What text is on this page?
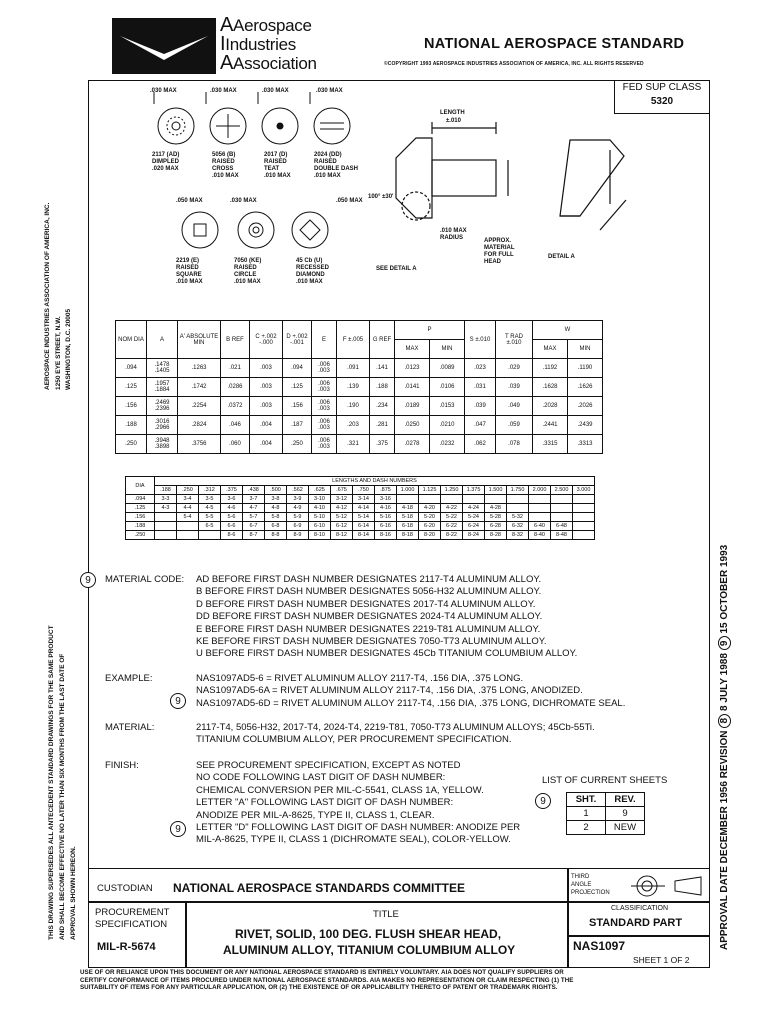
AAerospace
IIndustries
AAssociation
NATIONAL AEROSPACE STANDARD
©COPYRIGHT 1993 AEROSPACE INDUSTRIES ASSOCIATION OF AMERICA, INC. ALL RIGHTS RESERVED
FED SUP CLASS
5320
AEROSPACE INDUSTRIES ASSOCIATION OF AMERICA, INC. 1250 EYE STREET, N.W. WASHINGTON, D.C. 20005
THIS DRAWING SUPERSEDES ALL ANTECEDENT STANDARD DRAWINGS FOR THE SAME PRODUCT AND SHALL BECOME EFFECTIVE NO LATER THAN SIX MONTHS FROM THE LAST DATE OF APPROVAL SHOWN HEREON.	APPROVAL DATE DECEMBER 1956 REVISION 8 8 JULY 1988 9 15 OCTOBER 1993
.030 MAX	.030 MAX	.030 MAX	.030 MAX
2117 (AD)
DIMPLED
.020 MAX
5056 (B)
RAISED
CROSS
.010 MAX
2017 (D)
RAISED
TEAT
.010 MAX
2024 (DD)
RAISED
DOUBLE DASH
.010 MAX
.050 MAX	.030 MAX	.050 MAX
2219 (E)
RAISED
SQUARE
.010 MAX
7050 (KE)
RAISED
CIRCLE
.010 MAX
45 Cb (U)
RECESSED
DIAMOND
.010 MAX
LENGTH
±.010
100° ±30'
.010 MAX RADIUS	APPROX. MATERIAL FOR FULL HEAD
SEE DETAIL A
DETAIL A
NOM DIA	A	A' ABSOLUTE MIN	B REF	C +.002 -.000	D +.002 -.001	E	F ±.005	G REF	P		S ±.010	T RAD ±.010	W	
									MAX	MIN			MAX	MIN
.094	.1478 .1405	.1263	.021	.003	.094	.006 .003	.091	.141	.0123	.0089	.023	.029	.1192	.1190
.125	.1957 .1884	.1742	.0286	.003	.125	.006 .003	.139	.188	.0141	.0106	.031	.039	.1628	.1626
.156	.2469 .2396	.2254	.0372	.003	.156	.006 .003	.190	.234	.0189	.0153	.039	.049	.2028	.2026
.188	.3016 .2966	.2824	.046	.004	.187	.006 .003	.203	.281	.0250	.0210	.047	.059	.2441	.2439
.250	.3948 .3898	.3756	.060	.004	.250	.006 .003	.321	.375	.0278	.0232	.062	.078	.3315	.3313
DIA	LENGTHS AND DASH NUMBERS																			
	.188	.250	.312	.375	.438	.500	.562	.625	.675	.750	.875	1.000	1.125	1.250	1.375	1.500	1.750	2.000	2.500	3.000
.094	3-3	3-4	3-5	3-6	3-7	3-8	3-9	3-10	3-12	3-14	3-16									
.125	4-3	4-4	4-5	4-6	4-7	4-8	4-9	4-10	4-12	4-14	4-16	4-18	4-20	4-22	4-24	4-28				
.156		5-4	5-5	5-6	5-7	5-8	5-9	5-10	5-12	5-14	5-16	5-18	5-20	5-22	5-24	5-28	5-32			
.188			6-5	6-6	6-7	6-8	6-9	6-10	6-12	6-14	6-16	6-18	6-20	6-22	6-24	6-28	6-32	6-40	6-48	
.250				8-6	8-7	8-8	8-9	8-10	8-12	8-14	8-16	8-18	8-20	8-22	8-24	8-28	8-32	8-40	8-48	
9	MATERIAL CODE: AD BEFORE FIRST DASH NUMBER DESIGNATES 2117-T4 ALUMINUM ALLOY.
B BEFORE FIRST DASH NUMBER DESIGNATES 5056-H32 ALUMINUM ALLOY.
D BEFORE FIRST DASH NUMBER DESIGNATES 2017-T4 ALUMINUM ALLOY.
DD BEFORE FIRST DASH NUMBER DESIGNATES 2024-T4 ALUMINUM ALLOY.
E BEFORE FIRST DASH NUMBER DESIGNATES 2219-T81 ALUMINUM ALLOY.
KE BEFORE FIRST DASH NUMBER DESIGNATES 7050-T73 ALUMINUM ALLOY.
U BEFORE FIRST DASH NUMBER DESIGNATES 45Cb TITANIUM COLUMBIUM ALLOY.
EXAMPLE:
9
NAS1097AD5-6 = RIVET ALUMINUM ALLOY 2117-T4, .156 DIA, .375 LONG.
NAS1097AD5-6A = RIVET ALUMINUM ALLOY 2117-T4, .156 DIA, .375 LONG, ANODIZED.
NAS1097AD5-6D = RIVET ALUMINUM ALLOY 2117-T4, .156 DIA, .375 LONG, DICHROMATE SEAL.
MATERIAL:	2117-T4, 5056-H32, 2017-T4, 2024-T4, 2219-T81, 7050-T73 ALUMINUM ALLOYS; 45Cb-55Ti.
TITANIUM COLUMBIUM ALLOY, PER PROCUREMENT SPECIFICATION.
FINISH:
9
SEE PROCUREMENT SPECIFICATION, EXCEPT AS NOTED
NO CODE FOLLOWING LAST DIGIT OF DASH NUMBER:
CHEMICAL CONVERSION PER MIL-C-5541, CLASS 1A, YELLOW.
LETTER "A" FOLLOWING LAST DIGIT OF DASH NUMBER:
ANODIZE PER MIL-A-8625, TYPE II, CLASS 1, CLEAR.
LETTER "D" FOLLOWING LAST DIGIT OF DASH NUMBER: ANODIZE PER
MIL-A-8625, TYPE II, CLASS 1 (DICHROMATE SEAL), COLOR-YELLOW.
LIST OF CURRENT SHEETS
9	SHT.	REV.
1	9
2	NEW
CUSTODIAN NATIONAL AEROSPACE STANDARDS COMMITTEE
THIRD ANGLE PROJECTION
PROCUREMENT SPECIFICATION
MIL-R-5674
TITLE
RIVET, SOLID, 100 DEG. FLUSH SHEAR HEAD,
ALUMINUM ALLOY, TITANIUM COLUMBIUM ALLOY
CLASSIFICATION
STANDARD PART
NAS1097
SHEET 1 OF 2
USE OF OR RELIANCE UPON THIS DOCUMENT OR ANY NATIONAL AEROSPACE STANDARD IS ENTIRELY VOLUNTARY. AIA DOES NOT QUALIFY SUPPLIERS OR
CERTIFY CONFORMANCE OF ITEMS PROCURED UNDER NATIONAL AEROSPACE STANDARDS. AIA MAKES NO REPRESENTATION OR CLAIM RESPECTING (1) THE
SUITABILITY OF ITEMS FOR ANY PARTICULAR APPLICATION, OR (2) THE EXISTENCE OF OR APPLICABILITY THERETO OF PATENT OR TRADEMARK RIGHTS.
